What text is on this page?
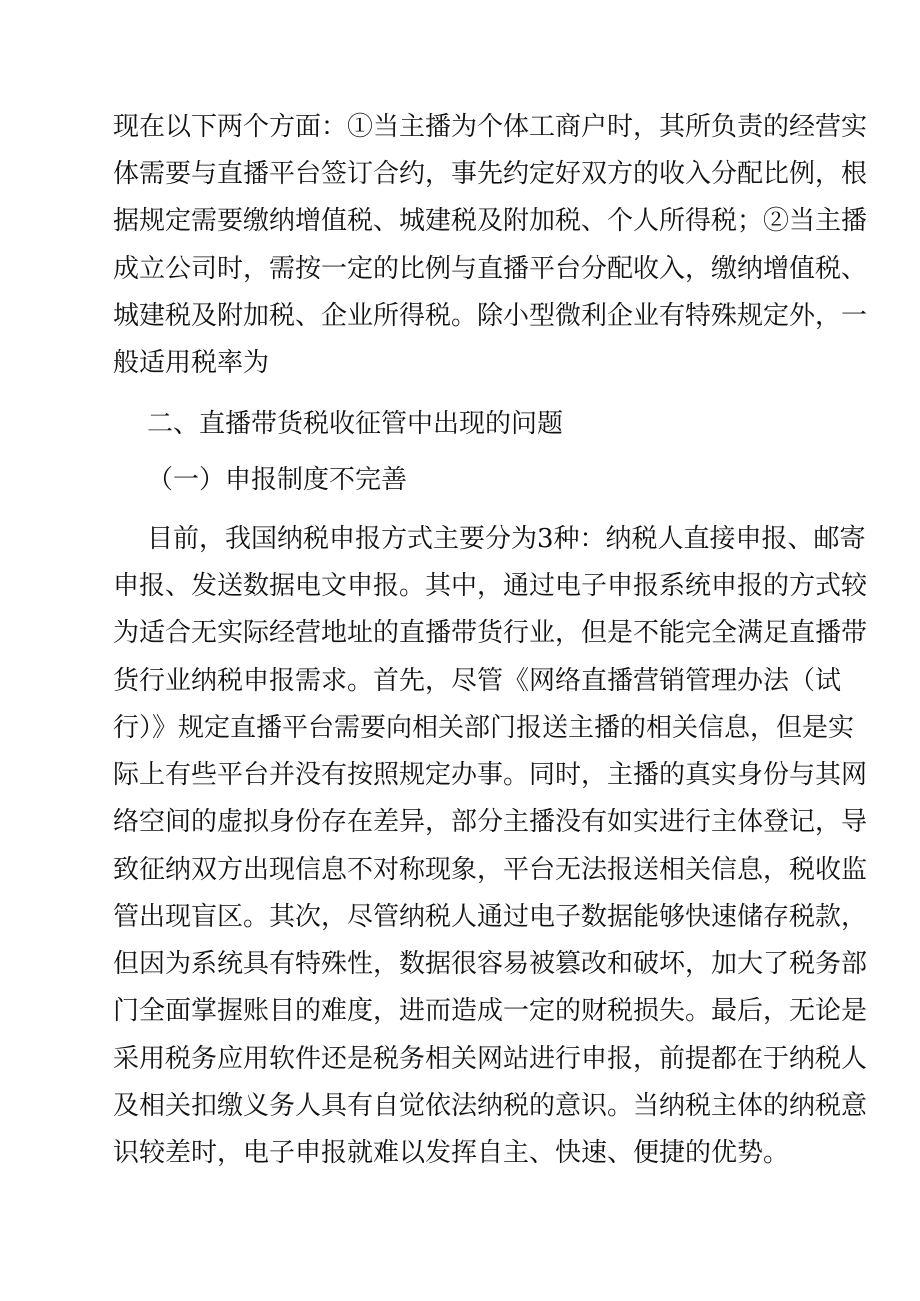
现在以下两个方面：①当主播为个体工商户时，其所负责的经营实
体需要与直播平台签订合约，事先约定好双方的收入分配比例，根
据规定需要缴纳增值税、城建税及附加税、个人所得税；②当主播
成立公司时，需按一定的比例与直播平台分配收入，缴纳增值税、
城建税及附加税、企业所得税。除小型微利企业有特殊规定外，一
般适用税率为
二、直播带货税收征管中出现的问题
（一）申报制度不完善
目前，我国纳税申报方式主要分为3种：纳税人直接申报、邮寄
申报、发送数据电文申报。其中，通过电子申报系统申报的方式较
为适合无实际经营地址的直播带货行业，但是不能完全满足直播带
货行业纳税申报需求。首先，尽管《网络直播营销管理办法（试
行）》规定直播平台需要向相关部门报送主播的相关信息，但是实
际上有些平台并没有按照规定办事。同时，主播的真实身份与其网
络空间的虚拟身份存在差异，部分主播没有如实进行主体登记，导
致征纳双方出现信息不对称现象，平台无法报送相关信息，税收监
管出现盲区。其次，尽管纳税人通过电子数据能够快速储存税款，
但因为系统具有特殊性，数据很容易被篡改和破坏，加大了税务部
门全面掌握账目的难度，进而造成一定的财税损失。最后，无论是
采用税务应用软件还是税务相关网站进行申报，前提都在于纳税人
及相关扣缴义务人具有自觉依法纳税的意识。当纳税主体的纳税意
识较差时，电子申报就难以发挥自主、快速、便捷的优势。
